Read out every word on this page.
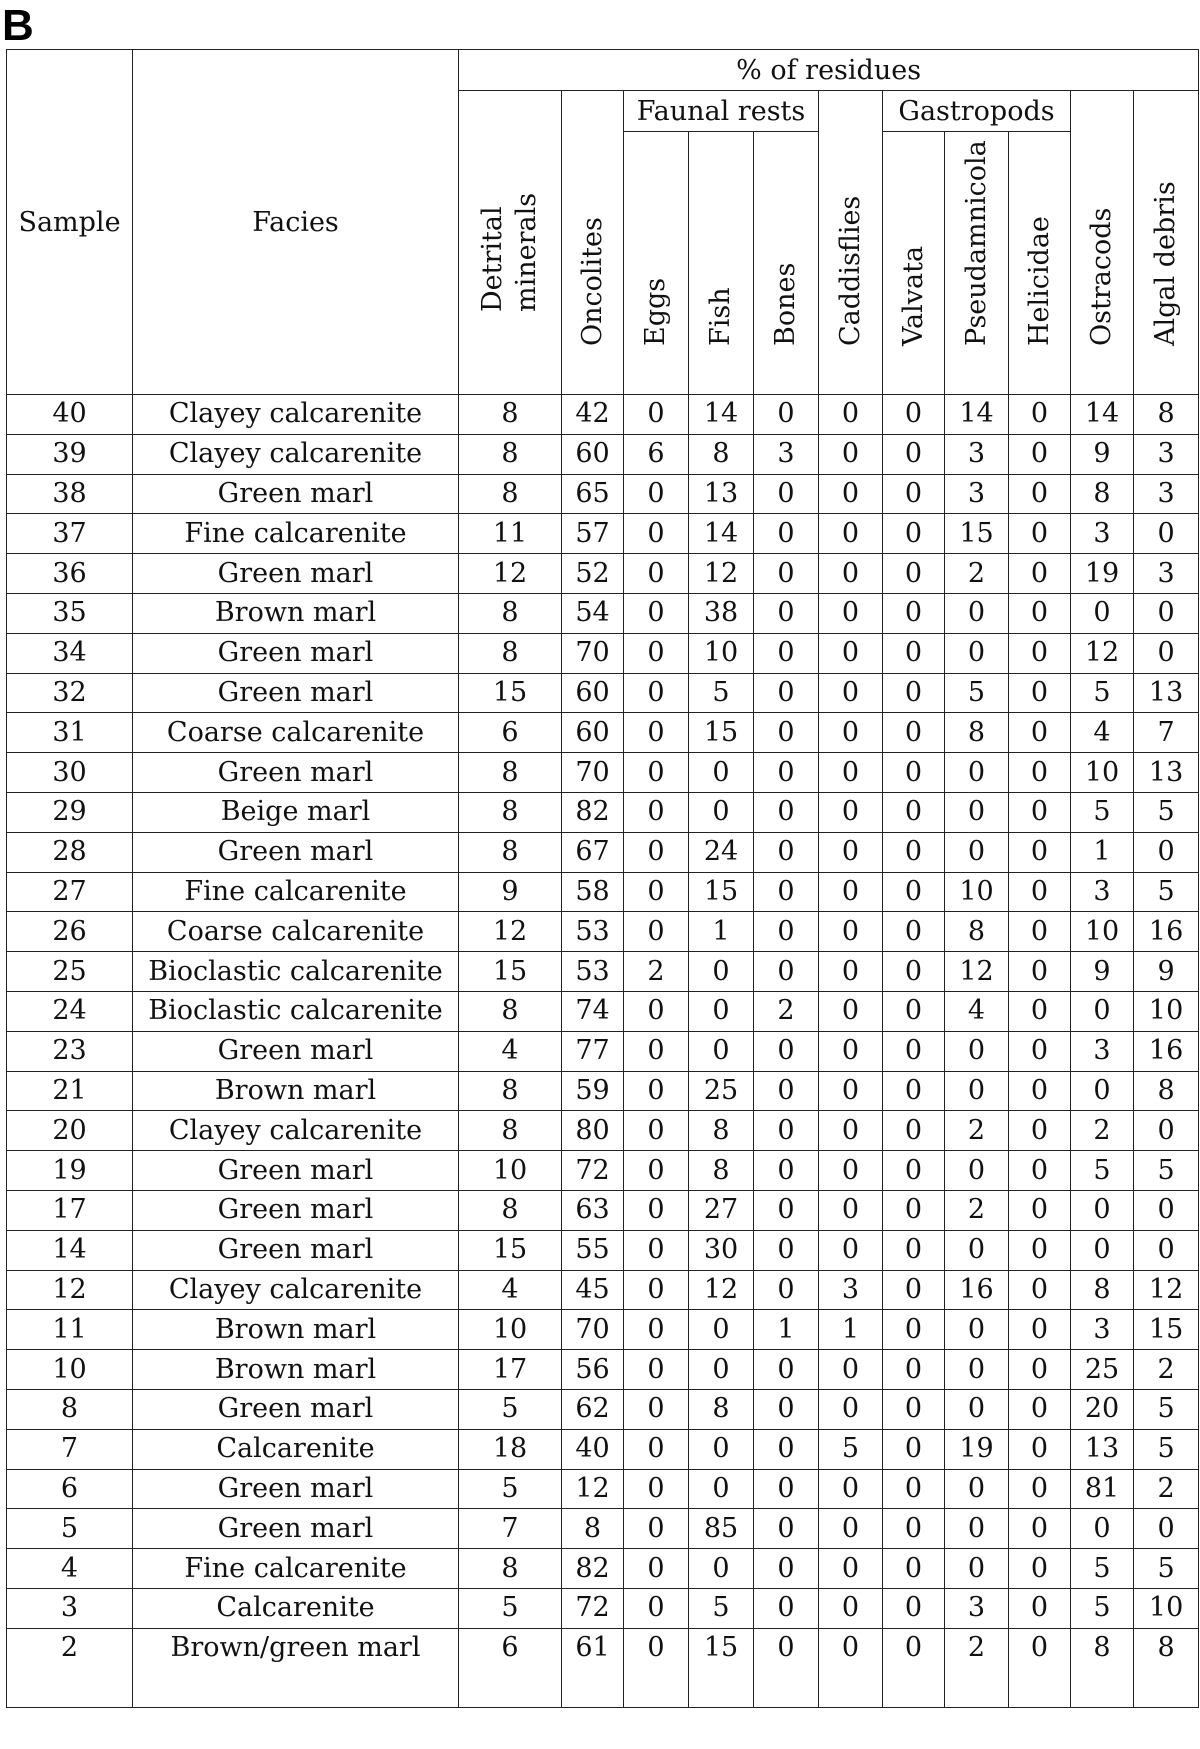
B
Sample	Facies	% of residues										

		Detrital minerals	Oncolites	Faunal rests			Caddisflies	Gastropods			Ostracods	Algal debris

				Eggs	Fish	Bones		Valvata	Pseudamnicola	Helicidae		

40	Clayey calcarenite	8	42	0	14	0	0	0	14	0	14	8
39	Clayey calcarenite	8	60	6	8	3	0	0	3	0	9	3
38	Green marl	8	65	0	13	0	0	0	3	0	8	3
37	Fine calcarenite	11	57	0	14	0	0	0	15	0	3	0
36	Green marl	12	52	0	12	0	0	0	2	0	19	3
35	Brown marl	8	54	0	38	0	0	0	0	0	0	0
34	Green marl	8	70	0	10	0	0	0	0	0	12	0
32	Green marl	15	60	0	5	0	0	0	5	0	5	13
31	Coarse calcarenite	6	60	0	15	0	0	0	8	0	4	7
30	Green marl	8	70	0	0	0	0	0	0	0	10	13
29	Beige marl	8	82	0	0	0	0	0	0	0	5	5
28	Green marl	8	67	0	24	0	0	0	0	0	1	0
27	Fine calcarenite	9	58	0	15	0	0	0	10	0	3	5
26	Coarse calcarenite	12	53	0	1	0	0	0	8	0	10	16
25	Bioclastic calcarenite	15	53	2	0	0	0	0	12	0	9	9
24	Bioclastic calcarenite	8	74	0	0	2	0	0	4	0	0	10
23	Green marl	4	77	0	0	0	0	0	0	0	3	16
21	Brown marl	8	59	0	25	0	0	0	0	0	0	8
20	Clayey calcarenite	8	80	0	8	0	0	0	2	0	2	0
19	Green marl	10	72	0	8	0	0	0	0	0	5	5
17	Green marl	8	63	0	27	0	0	0	2	0	0	0
14	Green marl	15	55	0	30	0	0	0	0	0	0	0
12	Clayey calcarenite	4	45	0	12	0	3	0	16	0	8	12
11	Brown marl	10	70	0	0	1	1	0	0	0	3	15
10	Brown marl	17	56	0	0	0	0	0	0	0	25	2
8	Green marl	5	62	0	8	0	0	0	0	0	20	5
7	Calcarenite	18	40	0	0	0	5	0	19	0	13	5
6	Green marl	5	12	0	0	0	0	0	0	0	81	2
5	Green marl	7	8	0	85	0	0	0	0	0	0	0
4	Fine calcarenite	8	82	0	0	0	0	0	0	0	5	5
3	Calcarenite	5	72	0	5	0	0	0	3	0	5	10
2	Brown/green marl	6	61	0	15	0	0	0	2	0	8	8
